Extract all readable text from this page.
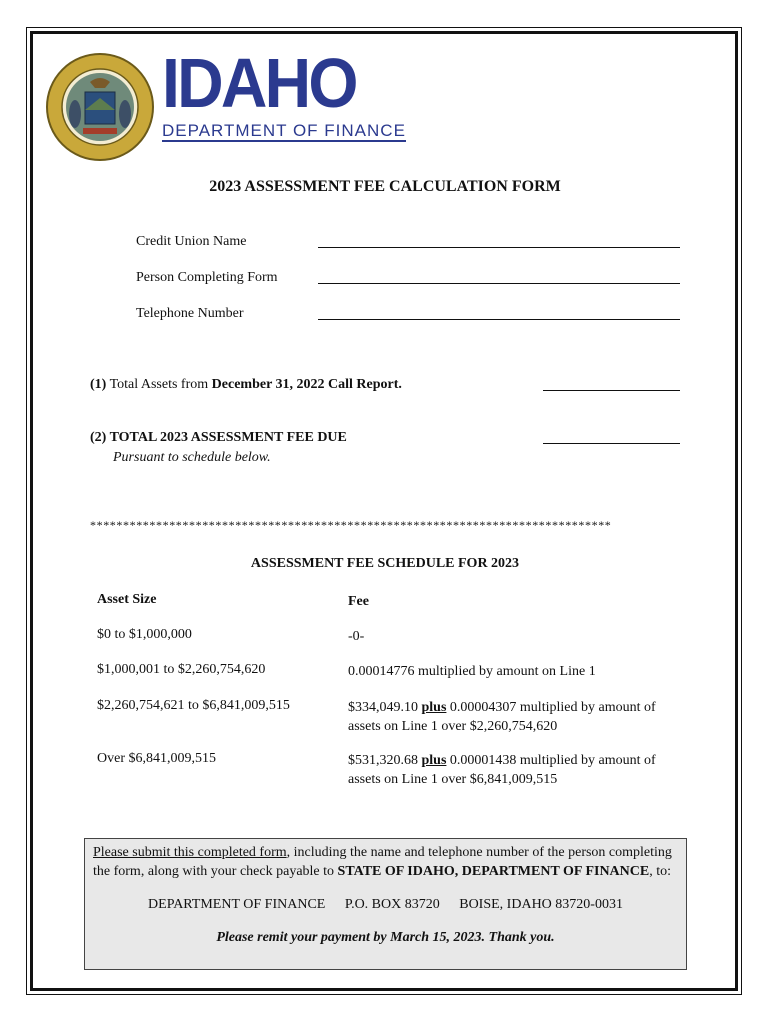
IDAHO
DEPARTMENT OF FINANCE
2023 ASSESSMENT FEE CALCULATION FORM
Credit Union Name
Person Completing Form
Telephone Number
(1) Total Assets from December 31, 2022 Call Report.
(2) TOTAL 2023 ASSESSMENT FEE DUE
Pursuant to schedule below.
*******************************************************************************
ASSESSMENT FEE SCHEDULE FOR 2023
Asset Size	Fee
$0 to $1,000,000	-0-
$1,000,001 to $2,260,754,620	0.00014776 multiplied by amount on Line 1
$2,260,754,621 to $6,841,009,515	$334,049.10 plus 0.00004307 multiplied by amount of assets on Line 1 over $2,260,754,620
Over $6,841,009,515	$531,320.68 plus 0.00001438 multiplied by amount of assets on Line 1 over $6,841,009,515
Please submit this completed form, including the name and telephone number of the person completing the form, along with your check payable to STATE OF IDAHO, DEPARTMENT OF FINANCE, to:
DEPARTMENT OF FINANCE P.O. BOX 83720 BOISE, IDAHO 83720-0031
Please remit your payment by March 15, 2023. Thank you.
